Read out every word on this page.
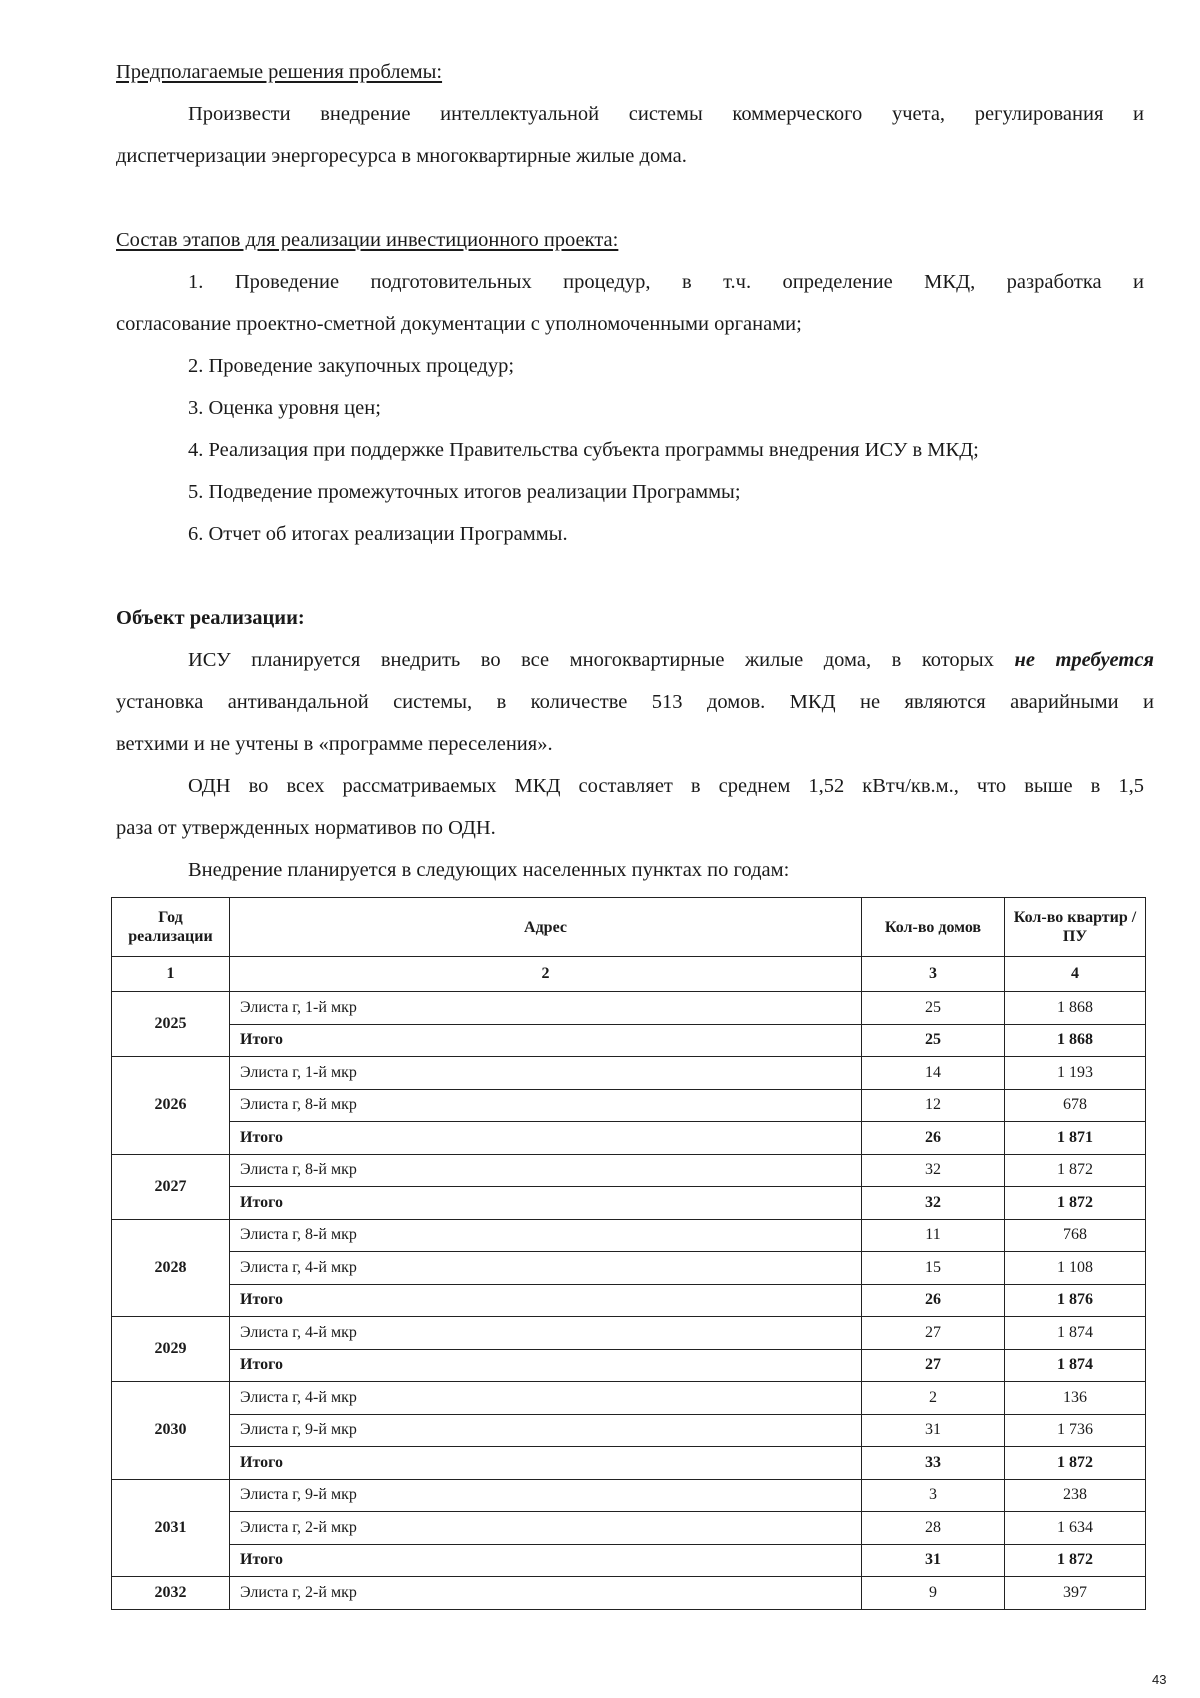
Предполагаемые решения проблемы:
Произвести внедрение интеллектуальной системы коммерческого учета, регулирования и
диспетчеризации энергоресурса в многоквартирные жилые дома.
Состав этапов для реализации инвестиционного проекта:
1. Проведение подготовительных процедур, в т.ч. определение МКД, разработка и
согласование проектно-сметной документации с уполномоченными органами;
2. Проведение закупочных процедур;
3. Оценка уровня цен;
4. Реализация при поддержке Правительства субъекта программы внедрения ИСУ в МКД;
5. Подведение промежуточных итогов реализации Программы;
6. Отчет об итогах реализации Программы.
Объект реализации:
ИСУ планируется внедрить во все многоквартирные жилые дома, в которых не требуется
установка антивандальной системы, в количестве 513 домов. МКД не являются аварийными и
ветхими и не учтены в «программе переселения».
ОДН во всех рассматриваемых МКД составляет в среднем 1,52 кВтч/кв.м., что выше в 1,5
раза от утвержденных нормативов по ОДН.
Внедрение планируется в следующих населенных пунктах по годам:
Год реализации	Адрес	Кол-во домов	Кол-во квартир / ПУ
1	2	3	4
2025	Элиста г, 1-й мкр	25	1 868
	Итого	25	1 868
2026	Элиста г, 1-й мкр	14	1 193
	Элиста г, 8-й мкр	12	678
	Итого	26	1 871
2027	Элиста г, 8-й мкр	32	1 872
	Итого	32	1 872
2028	Элиста г, 8-й мкр	11	768
	Элиста г, 4-й мкр	15	1 108
	Итого	26	1 876
2029	Элиста г, 4-й мкр	27	1 874
	Итого	27	1 874
2030	Элиста г, 4-й мкр	2	136
	Элиста г, 9-й мкр	31	1 736
	Итого	33	1 872
2031	Элиста г, 9-й мкр	3	238
	Элиста г, 2-й мкр	28	1 634
	Итого	31	1 872
2032	Элиста г, 2-й мкр	9	397
43
